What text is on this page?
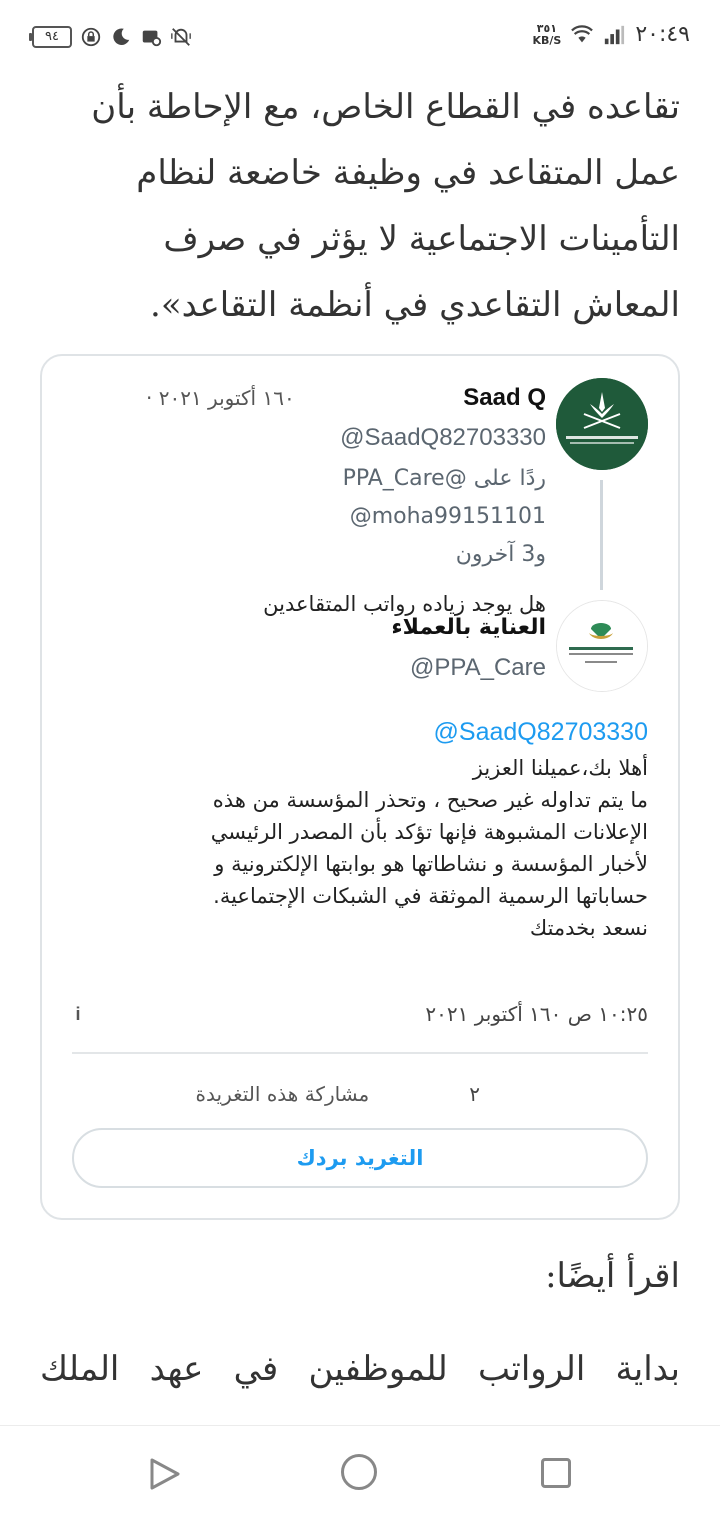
٣٥١
KB/S	٢٠:٤٩
٩٤
تقاعده في القطاع الخاص، مع الإحاطة بأن
عمل المتقاعد في وظيفة خاضعة لنظام
التأمينات الاجتماعية لا يؤثر في صرف
المعاش التقاعدي في أنظمة التقاعد».
Saad Q
١٦٠ أكتوبر ٢٠٢١ ·
@SaadQ82703330
ردًا على @PPA_Care @moha99151101
و3 آخرون
هل يوجد زياده رواتب المتقاعدين
العناية بالعملاء
@PPA_Care
@SaadQ82703330
أهلا بك،عميلنا العزيز
ما يتم تداوله غير صحيح ، وتحذر المؤسسة من هذه
الإعلانات المشبوهة فإنها تؤكد بأن المصدر الرئيسي
لأخبار المؤسسة و نشاطاتها هو بوابتها الإلكترونية و
حساباتها الرسمية الموثقة في الشبكات الإجتماعية.
نسعد بخدمتك
١٠:٢٥ ص ١٦٠ أكتوبر ٢٠٢١
i
٢
مشاركة هذه التغريدة
التغريد بردك
اقرأ أيضًا:
بداية الرواتب للموظفين في عهد الملك
